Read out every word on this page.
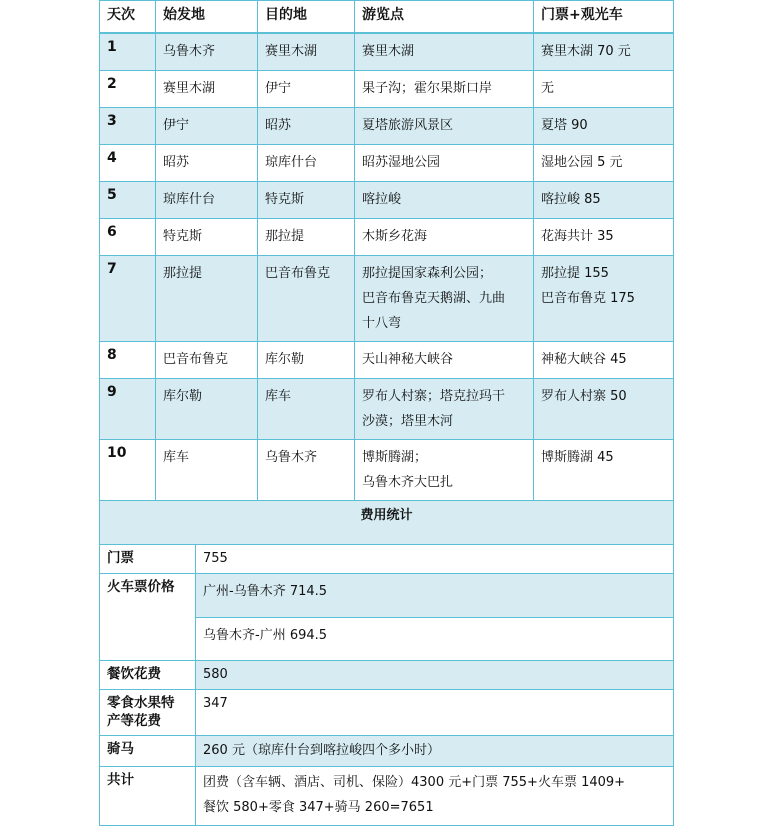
天次	始发地		目的地	游览点	门票+观光车
1	乌鲁木齐		赛里木湖	赛里木湖	赛里木湖 70 元

2	赛里木湖		伊宁	果子沟；霍尔果斯口岸	无

3	伊宁		昭苏	夏塔旅游风景区	夏塔 90

4	昭苏		琼库什台	昭苏湿地公园	湿地公园 5 元

5	琼库什台		特克斯	喀拉峻	喀拉峻 85

6	特克斯		那拉提	木斯乡花海	花海共计 35

7	那拉提		巴音布鲁克	那拉提国家森利公园；
巴音布鲁克天鹅湖、九曲
十八弯	那拉提 155
巴音布鲁克 175

8	巴音布鲁克		库尔勒	天山神秘大峡谷	神秘大峡谷 45

9	库尔勒		库车	罗布人村寨；塔克拉玛干
沙漠；塔里木河	罗布人村寨 50

10	库车		乌鲁木齐	博斯腾湖；
乌鲁木齐大巴扎	博斯腾湖 45

费用统计					
门票		755			
火车票价格		广州-乌鲁木齐 714.5
乌鲁木齐-广州 694.5			

餐饮花费		580			

零食水果特
产等花费		347			
骑马		260 元（琼库什台到喀拉峻四个多小时）			
共计		团费（含车辆、酒店、司机、保险）4300 元+门票 755+火车票 1409+
餐饮 580+零食 347+骑马 260=7651			
